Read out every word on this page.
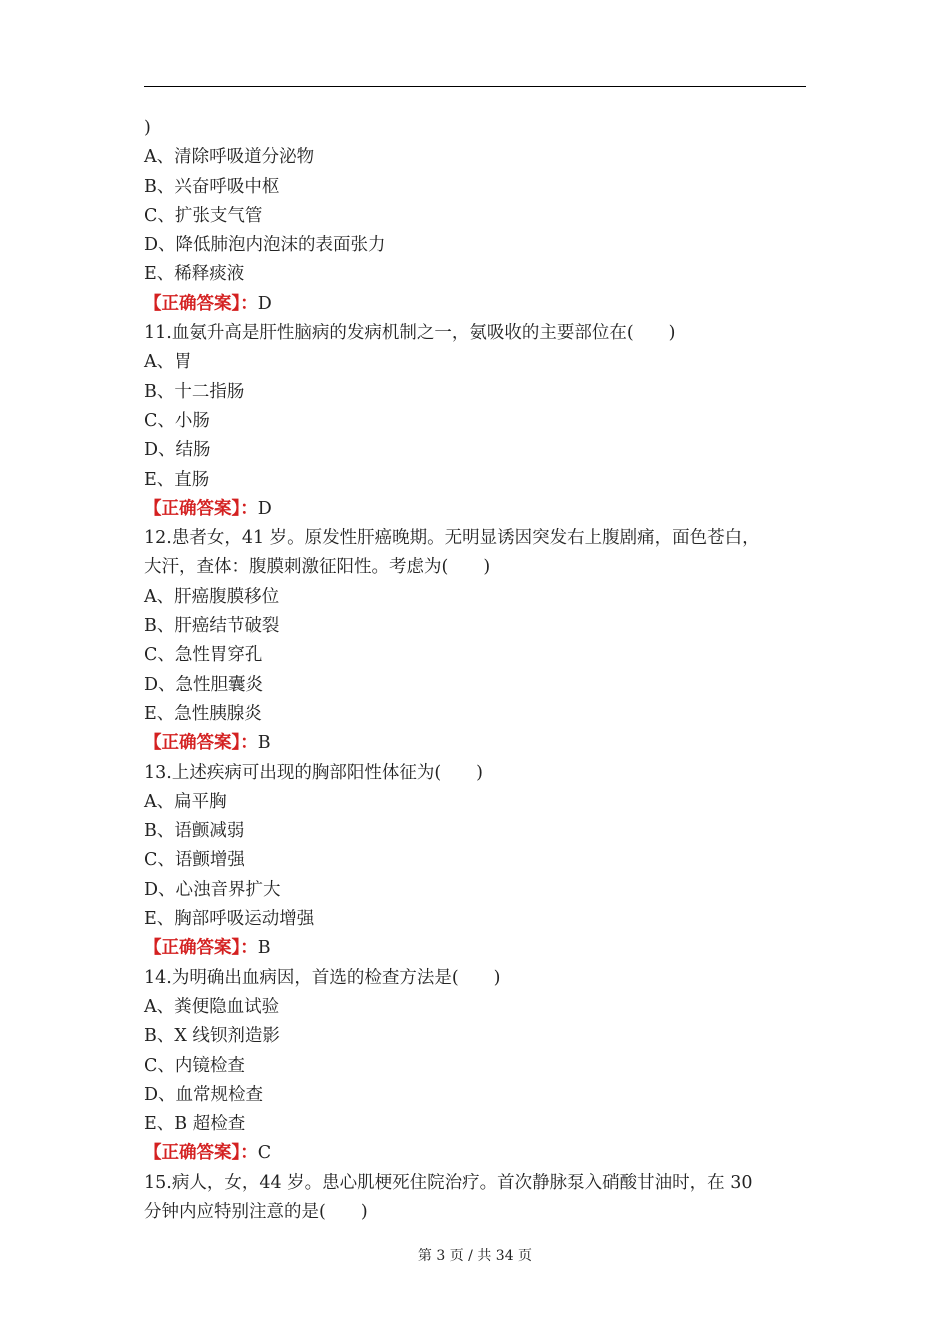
)
A、清除呼吸道分泌物
B、兴奋呼吸中枢
C、扩张支气管
D、降低肺泡内泡沫的表面张力
E、稀释痰液
【正确答案】：D
11.血氨升高是肝性脑病的发病机制之一，氨吸收的主要部位在(　　)
A、胃
B、十二指肠
C、小肠
D、结肠
E、直肠
【正确答案】：D
12.患者女，41 岁。原发性肝癌晚期。无明显诱因突发右上腹剧痛，面色苍白，
大汗，查体：腹膜刺激征阳性。考虑为(　　)
A、肝癌腹膜移位
B、肝癌结节破裂
C、急性胃穿孔
D、急性胆囊炎
E、急性胰腺炎
【正确答案】：B
13.上述疾病可出现的胸部阳性体征为(　　)
A、扁平胸
B、语颤减弱
C、语颤增强
D、心浊音界扩大
E、胸部呼吸运动增强
【正确答案】：B
14.为明确出血病因，首选的检查方法是(　　)
A、粪便隐血试验
B、X 线钡剂造影
C、内镜检查
D、血常规检查
E、B 超检查
【正确答案】：C
15.病人，女，44 岁。患心肌梗死住院治疗。首次静脉泵入硝酸甘油时，在 30
分钟内应特别注意的是(　　)
第 3 页 / 共 34 页
